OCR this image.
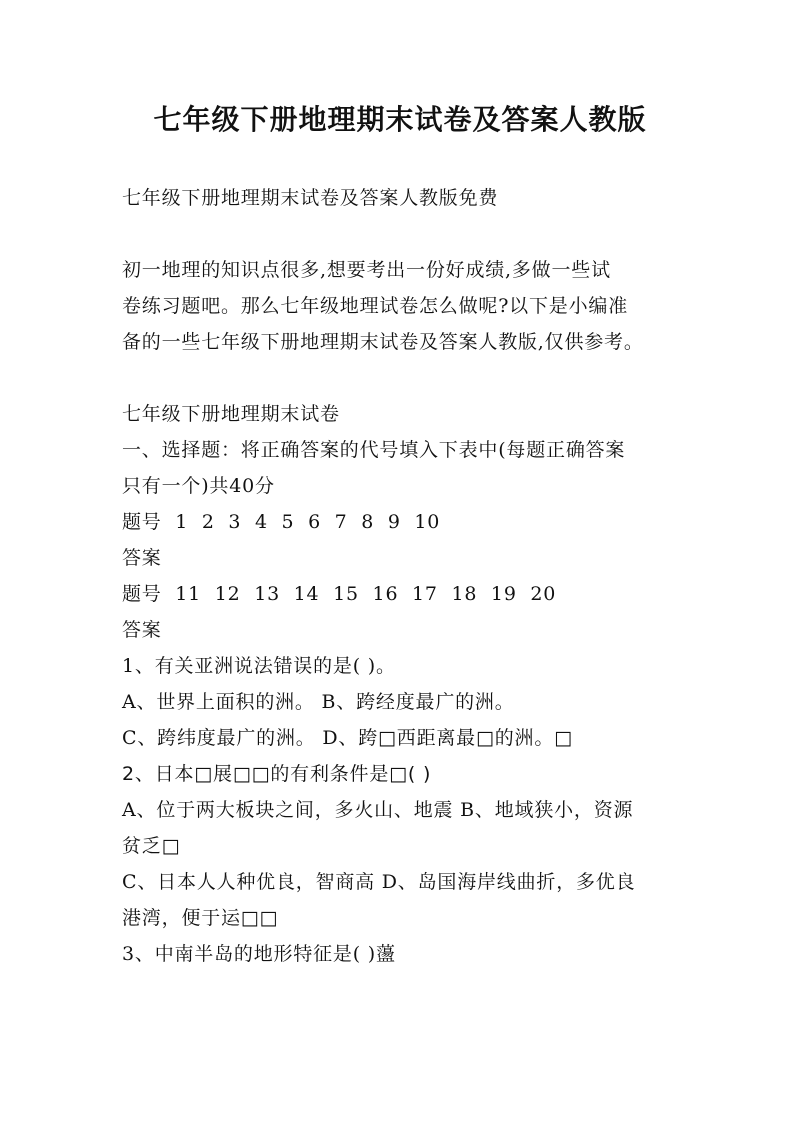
七年级下册地理期末试卷及答案人教版

七年级下册地理期末试卷及答案人教版免费

初一地理的知识点很多,想要考出一份好成绩,多做一些试

卷练习题吧。那么七年级地理试卷怎么做呢?以下是小编准

备的一些七年级下册地理期末试卷及答案人教版,仅供参考。

七年级下册地理期末试卷

一、选择题：将正确答案的代号填入下表中(每题正确答案

只有一个)共40分

题号  1  2  3  4  5  6  7  8  9  10

答案

题号  11  12  13  14  15  16  17  18  19  20

答案

1、有关亚洲说法错误的是( )。

A、世界上面积的洲。 B、跨经度最广的洲。

C、跨纬度最广的洲。 D、跨□西距离最□的洲。□

2、日本□展□□的有利条件是□( )

A、位于两大板块之间，多火山、地震 B、地域狭小，资源

贫乏□

C、日本人人种优良，智商高 D、岛国海岸线曲折，多优良

港湾，便于运□□

3、中南半岛的地形特征是( )蘯
